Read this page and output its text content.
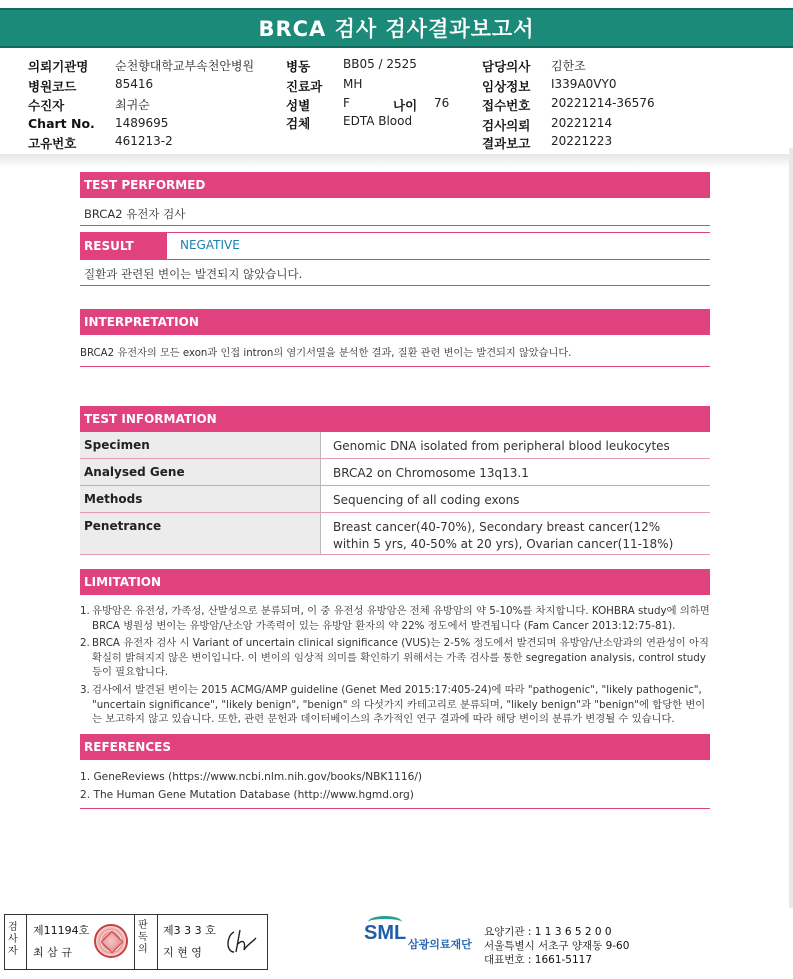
BRCA 검사 검사결과보고서
의뢰기관명 순천향대학교부속천안병원
병원코드	85416
수진자	최귀순
Chart No. 1489695
고유번호	461213-2
병동	BB05 / 2525
진료과 MH
성별	F	나이 76
검체	EDTA Blood
담당의사 김한조
임상정보 I339A0VY0
접수번호 20221214-36576
검사의뢰 20221214
결과보고 20221223
TEST PERFORMED
BRCA2 유전자 검사
RESULT	NEGATIVE
질환과 관련된 변이는 발견되지 않았습니다.
INTERPRETATION
BRCA2 유전자의 모든 exon과 인접 intron의 염기서열을 분석한 결과, 질환 관련 변이는 발견되지 않았습니다.
TEST INFORMATION
Specimen	Genomic DNA isolated from peripheral blood leukocytes
Analysed Gene	BRCA2 on Chromosome 13q13.1
Methods	Sequencing of all coding exons
Penetrance	Breast cancer(40-70%), Secondary breast cancer(12% within 5 yrs, 40-50% at 20 yrs), Ovarian cancer(11-18%)
LIMITATION
1. 유방암은 유전성, 가족성, 산발성으로 분류되며, 이 중 유전성 유방암은 전체 유방암의 약 5-10%를 차지합니다. KOHBRA study에 의하면 BRCA 병원성 변이는 유방암/난소암 가족력이 있는 유방암 환자의 약 22% 정도에서 발견됩니다 (Fam Cancer 2013:12:75-81).
2. BRCA 유전자 검사 시 Variant of uncertain clinical significance (VUS)는 2-5% 정도에서 발견되며 유방암/난소암과의 연관성이 아직 확실히 밝혀지지 않은 변이입니다. 이 변이의 임상적 의미를 확인하기 위해서는 가족 검사를 통한 segregation analysis, control study 등이 필요합니다.
3. 검사에서 발견된 변이는 2015 ACMG/AMP guideline (Genet Med 2015:17:405-24)에 따라 "pathogenic", "likely pathogenic", "uncertain significance", "likely benign", "benign" 의 다섯가지 카테고리로 분류되며, "likely benign"과 "benign"에 합당한 변이는 보고하지 않고 있습니다. 또한, 관련 문헌과 데이터베이스의 추가적인 연구 결과에 따라 해당 변이의 분류가 변경될 수 있습니다.
REFERENCES
1. GeneReviews (https://www.ncbi.nlm.nih.gov/books/NBK1116/)
2. The Human Gene Mutation Database (http://www.hgmd.org)
검사자
제11194호
최 삼 규
판독의
제3 3 3 호
지 현 영
SML
삼광의료재단
요양기관 : 1 1 3 6 5 2 0 0
서울특별시 서초구 양재동 9-60
대표번호 : 1661-5117
